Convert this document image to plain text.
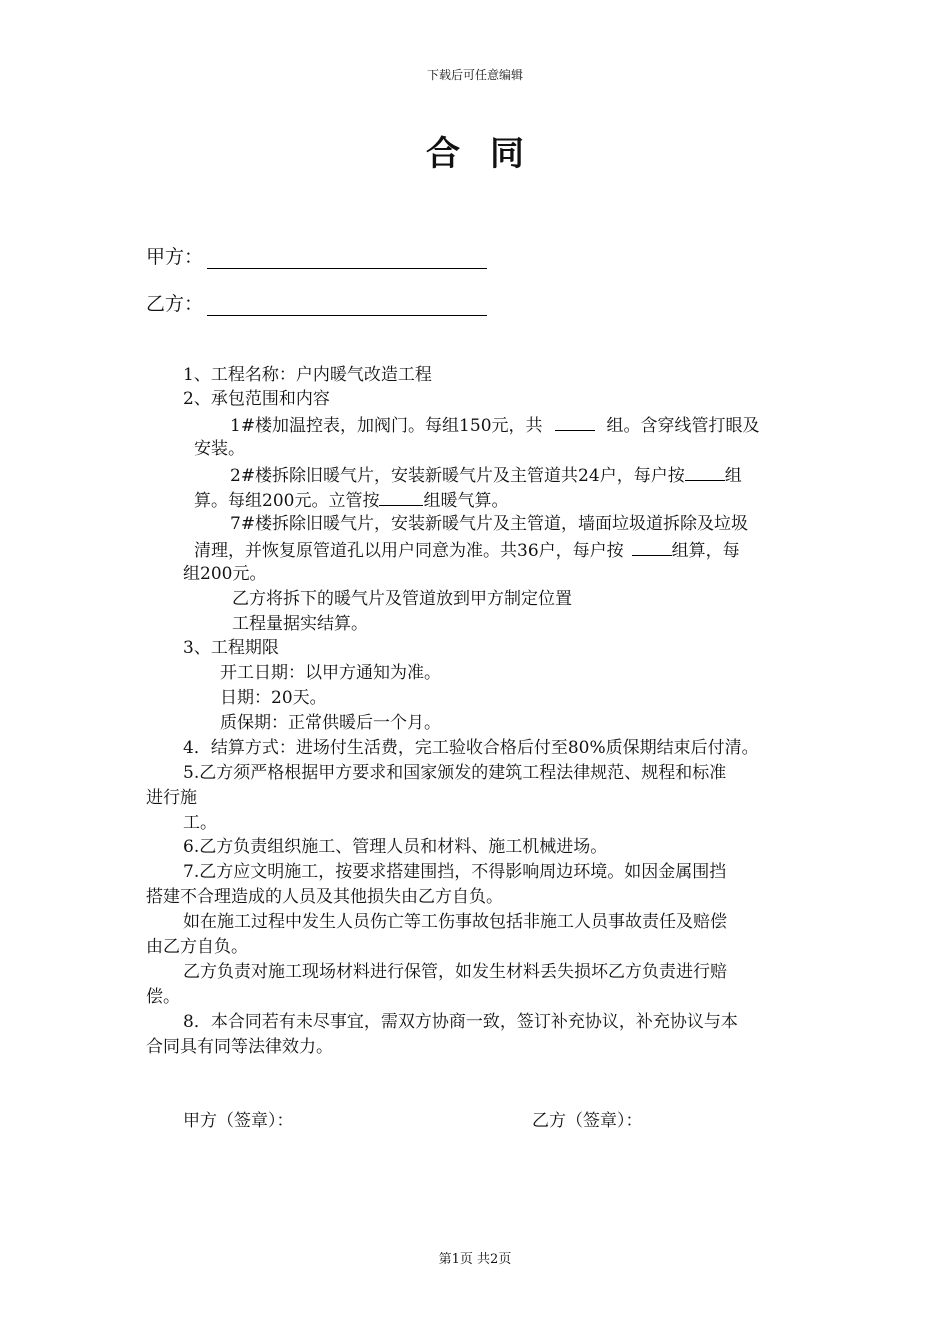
下载后可任意编辑
合同
甲方：
乙方：
1、工程名称：户内暖气改造工程
2、承包范围和内容
1#楼加温控表，加阀门。每组150元，共	组。含穿线管打眼及
安装。
2#楼拆除旧暖气片，安装新暖气片及主管道共24户，每户按 组
算。每组200元。立管按	组暖气算。
7#楼拆除旧暖气片，安装新暖气片及主管道，墙面垃圾道拆除及垃圾
清理，并恢复原管道孔以用户同意为准。共36户，每户按	组算，每
组200元。
乙方将拆下的暖气片及管道放到甲方制定位置
工程量据实结算。
3、工程期限
开工日期：以甲方通知为准。
日期：20天。
质保期：正常供暖后一个月。
4．结算方式：进场付生活费，完工验收合格后付至80%质保期结束后付清。
5.乙方须严格根据甲方要求和国家颁发的建筑工程法律规范、规程和标准
进行施
工。
6.乙方负责组织施工、管理人员和材料、施工机械进场。
7.乙方应文明施工，按要求搭建围挡，不得影响周边环境。如因金属围挡
搭建不合理造成的人员及其他损失由乙方自负。
如在施工过程中发生人员伤亡等工伤事故包括非施工人员事故责任及赔偿
由乙方自负。
乙方负责对施工现场材料进行保管，如发生材料丢失损坏乙方负责进行赔
偿。
8．本合同若有未尽事宜，需双方协商一致，签订补充协议，补充协议与本
合同具有同等法律效力。
甲方（签章）：	乙方（签章）：
第1页 共2页
